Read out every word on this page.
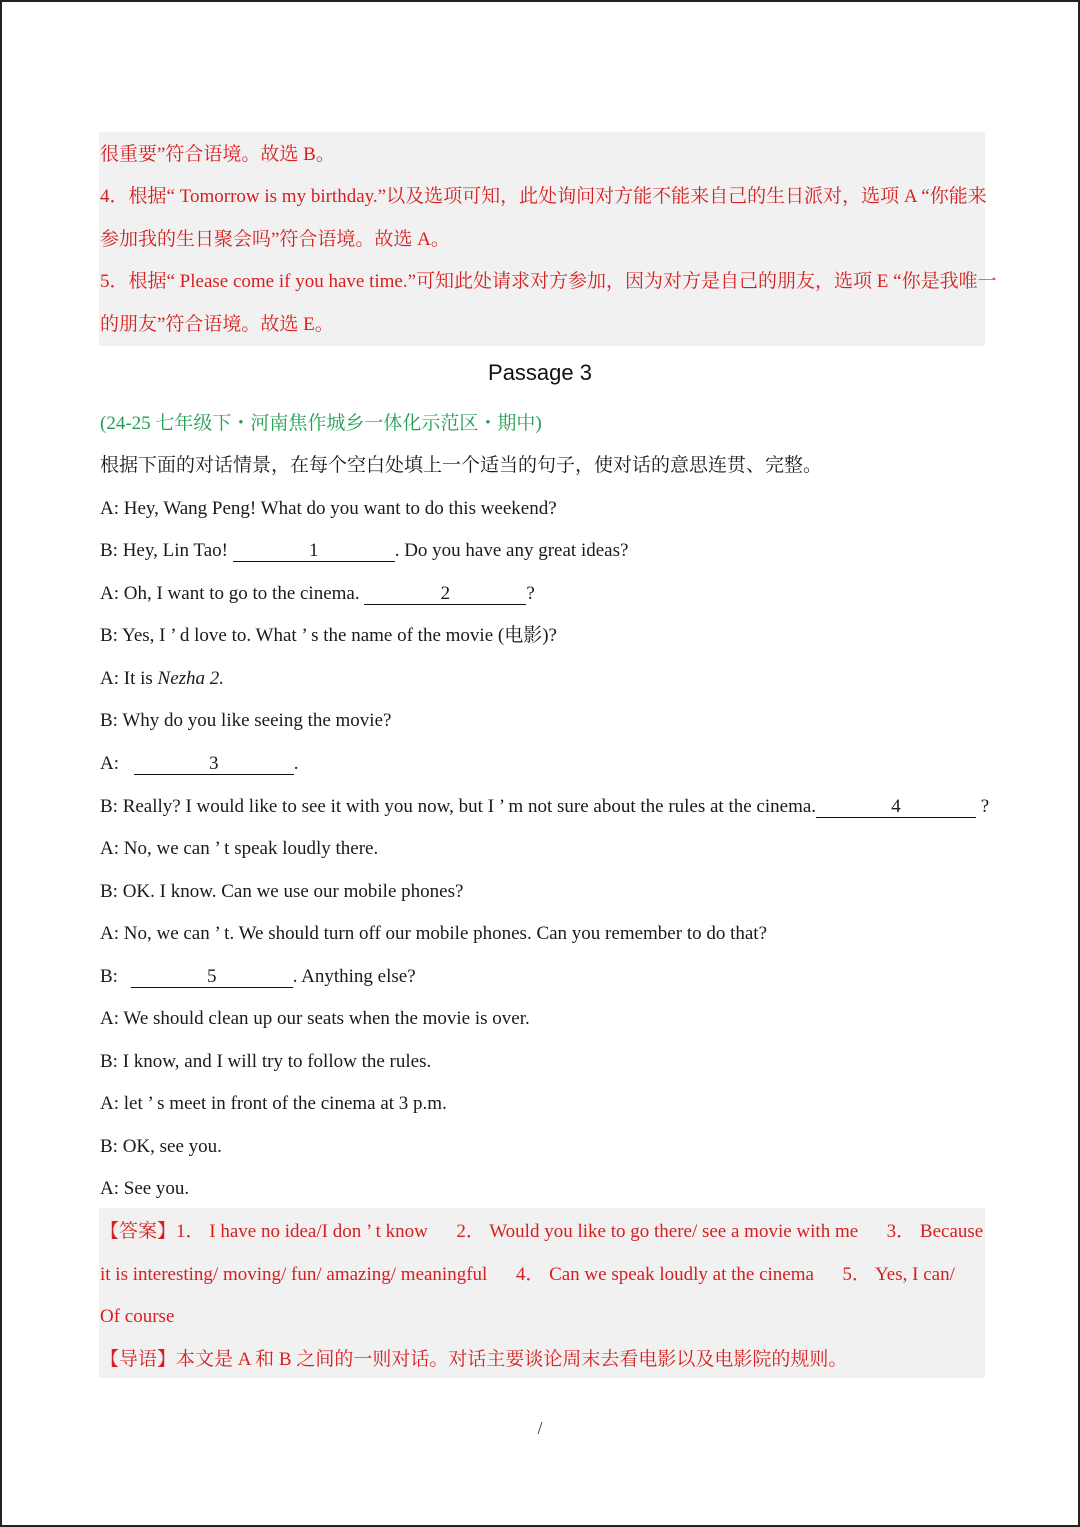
很重要”符合语境。故选 B。
4．根据“ Tomorrow is my birthday.”以及选项可知，此处询问对方能不能来自己的生日派对，选项 A “你能来
参加我的生日聚会吗”符合语境。故选 A。
5．根据“ Please come if you have time.”可知此处请求对方参加，因为对方是自己的朋友，选项 E “你是我唯一
的朋友”符合语境。故选 E。
Passage 3
(24-25 七年级下・河南焦作城乡一体化示范区・期中)
根据下面的对话情景，在每个空白处填上一个适当的句子，使对话的意思连贯、完整。
A: Hey, Wang Peng! What do you want to do this weekend?
B: Hey, Lin Tao!	1	. Do you have any great ideas?
A: Oh, I want to go to the cinema.	2	?
B: Yes, I ’ d love to. What ’ s the name of the movie (电影)?
A: It is Nezha 2.
B: Why do you like seeing the movie?
A:	3	.
B: Really? I would like to see it with you now, but I ’ m not sure about the rules at the cinema.	4	?
A: No, we can ’ t speak loudly there.
B: OK. I know. Can we use our mobile phones?
A: No, we can ’ t. We should turn off our mobile phones. Can you remember to do that?
B:	5	. Anything else?
A: We should clean up our seats when the movie is over.
B: I know, and I will try to follow the rules.
A: let ’ s meet in front of the cinema at 3 p.m.
B: OK, see you.
A: See you.
【答案】1． I have no idea/I don ’ t know      2． Would you like to go there/ see a movie with me      3． Because
it is interesting/ moving/ fun/ amazing/ meaningful      4． Can we speak loudly at the cinema      5． Yes, I can/
Of course
【导语】本文是 A 和 B 之间的一则对话。对话主要谈论周末去看电影以及电影院的规则。
/
